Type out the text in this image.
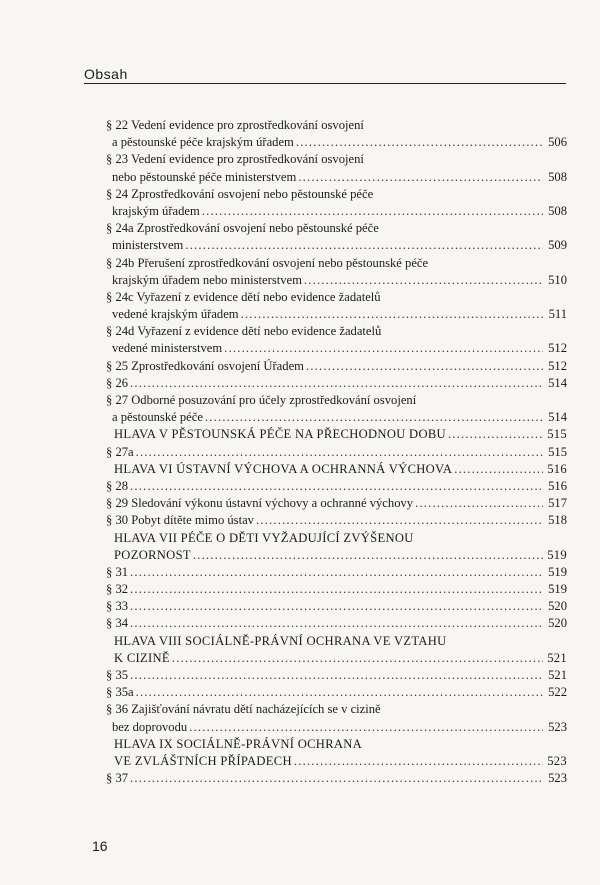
Obsah
§ 22 Vedení evidence pro zprostředkování osvojení
a pěstounské péče krajským úřadem .....	506
§ 23 Vedení evidence pro zprostředkování osvojení
nebo pěstounské péče ministerstvem .....	508
§ 24 Zprostředkování osvojení nebo pěstounské péče
krajským úřadem .....	508
§ 24a Zprostředkování osvojení nebo pěstounské péče
ministerstvem .....	509
§ 24b Přerušení zprostředkování osvojení nebo pěstounské péče
krajským úřadem nebo ministerstvem .....	510
§ 24c Vyřazení z evidence dětí nebo evidence žadatelů
vedené krajským úřadem .....	511
§ 24d Vyřazení z evidence dětí nebo evidence žadatelů
vedené ministerstvem .....	512
§ 25 Zprostředkování osvojení Úřadem .....	512
§ 26 .....	514
§ 27 Odborné posuzování pro účely zprostředkování osvojení
a pěstounské péče .....	514
HLAVA V PĚSTOUNSKÁ PÉČE NA PŘECHODNOU DOBU .....	515
§ 27a .....	515
HLAVA VI ÚSTAVNÍ VÝCHOVA A OCHRANNÁ VÝCHOVA .....	516
§ 28 .....	516
§ 29 Sledování výkonu ústavní výchovy a ochranné výchovy .....	517
§ 30 Pobyt dítěte mimo ústav .....	518
HLAVA VII PÉČE O DĚTI VYŽADUJÍCÍ ZVÝŠENOU
POZORNOST .....	519
§ 31 .....	519
§ 32 .....	519
§ 33 .....	520
§ 34 .....	520
HLAVA VIII SOCIÁLNĚ-PRÁVNÍ OCHRANA VE VZTAHU
K CIZINĚ .....	521
§ 35 .....	521
§ 35a .....	522
§ 36 Zajišťování návratu dětí nacházejících se v cizině
bez doprovodu .....	523
HLAVA IX SOCIÁLNĚ-PRÁVNÍ OCHRANA
VE ZVLÁŠTNÍCH PŘÍPADECH .....	523
§ 37 .....	523
16
